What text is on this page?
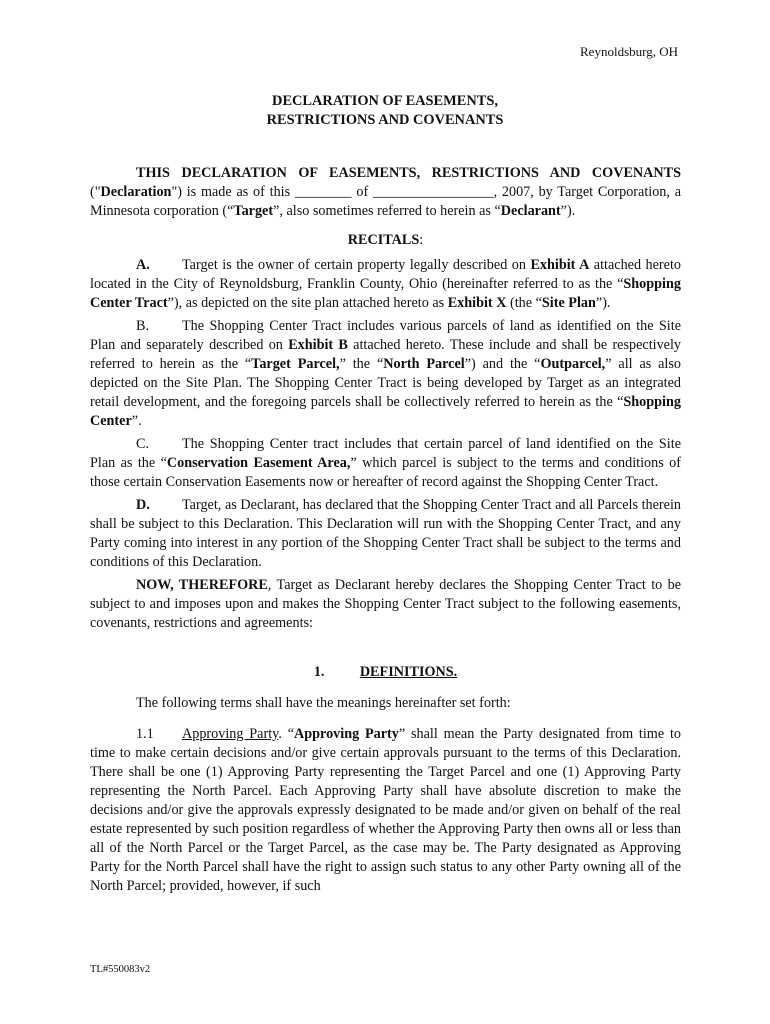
Reynoldsburg, OH
DECLARATION OF EASEMENTS,
RESTRICTIONS AND COVENANTS

THIS DECLARATION OF EASEMENTS, RESTRICTIONS AND COVENANTS ("Declaration") is made as of this ________ of _________________, 2007, by Target Corporation, a Minnesota corporation (“Target”, also sometimes referred to herein as “Declarant”).

RECITALS:

A. Target is the owner of certain property legally described on Exhibit A attached hereto located in the City of Reynoldsburg, Franklin County, Ohio (hereinafter referred to as the “Shopping Center Tract”), as depicted on the site plan attached hereto as Exhibit X (the “Site Plan”).

B. The Shopping Center Tract includes various parcels of land as identified on the Site Plan and separately described on Exhibit B attached hereto. These include and shall be respectively referred to herein as the “Target Parcel,” the “North Parcel”) and the “Outparcel,” all as also depicted on the Site Plan. The Shopping Center Tract is being developed by Target as an integrated retail development, and the foregoing parcels shall be collectively referred to herein as the “Shopping Center”.

C. The Shopping Center tract includes that certain parcel of land identified on the Site Plan as the “Conservation Easement Area,” which parcel is subject to the terms and conditions of those certain Conservation Easements now or hereafter of record against the Shopping Center Tract.

D. Target, as Declarant, has declared that the Shopping Center Tract and all Parcels therein shall be subject to this Declaration. This Declaration will run with the Shopping Center Tract, and any Party coming into interest in any portion of the Shopping Center Tract shall be subject to the terms and conditions of this Declaration.

NOW, THEREFORE, Target as Declarant hereby declares the Shopping Center Tract to be subject to and imposes upon and makes the Shopping Center Tract subject to the following easements, covenants, restrictions and agreements:

1. DEFINITIONS.

The following terms shall have the meanings hereinafter set forth:

1.1 Approving Party. “Approving Party” shall mean the Party designated from time to time to make certain decisions and/or give certain approvals pursuant to the terms of this Declaration. There shall be one (1) Approving Party representing the Target Parcel and one (1) Approving Party representing the North Parcel. Each Approving Party shall have absolute discretion to make the decisions and/or give the approvals expressly designated to be made and/or given on behalf of the real estate represented by such position regardless of whether the Approving Party then owns all or less than all of the North Parcel or the Target Parcel, as the case may be. The Party designated as Approving Party for the North Parcel shall have the right to assign such status to any other Party owning all of the North Parcel; provided, however, if such

TL#550083v2
